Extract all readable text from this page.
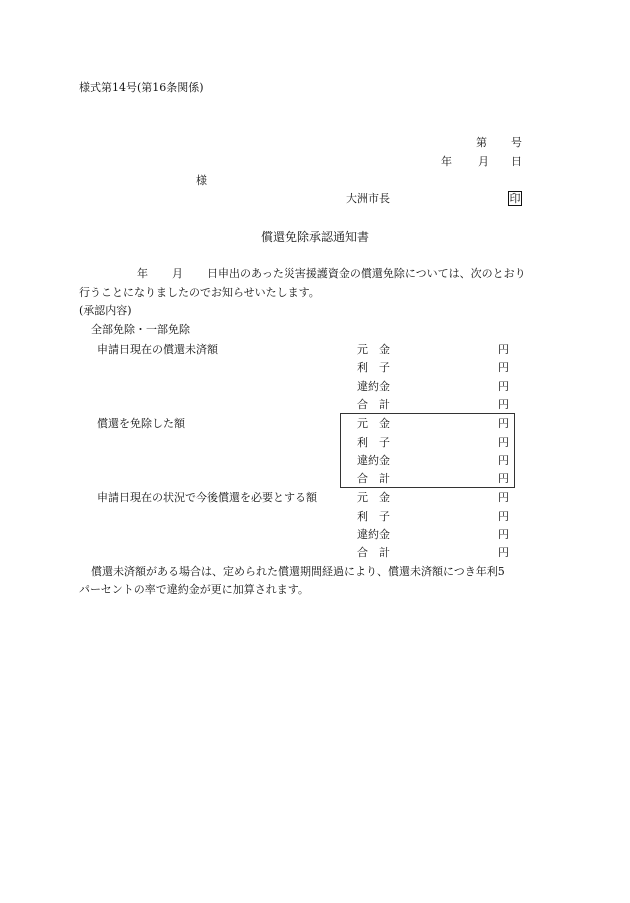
様式第14号(第16条関係)
第 号
年 月 日
様
大洲市長	印
償還免除承認通知書
年 月 日申出のあった災害援護資金の償還免除については、次のとおり
行うことになりましたのでお知らせいたします。
(承認内容)
全部免除・一部免除
申請日現在の償還未済額	元　金	円
利　子	円
違約金	円
合　計	円
償還を免除した額	元　金	円
利　子	円
違約金	円
合　計	円
申請日現在の状況で今後償還を必要とする額	元　金	円
利　子	円
違約金	円
合　計	円
償還未済額がある場合は、定められた償還期間経過により、償還未済額につき年利5
パーセントの率で違約金が更に加算されます。
